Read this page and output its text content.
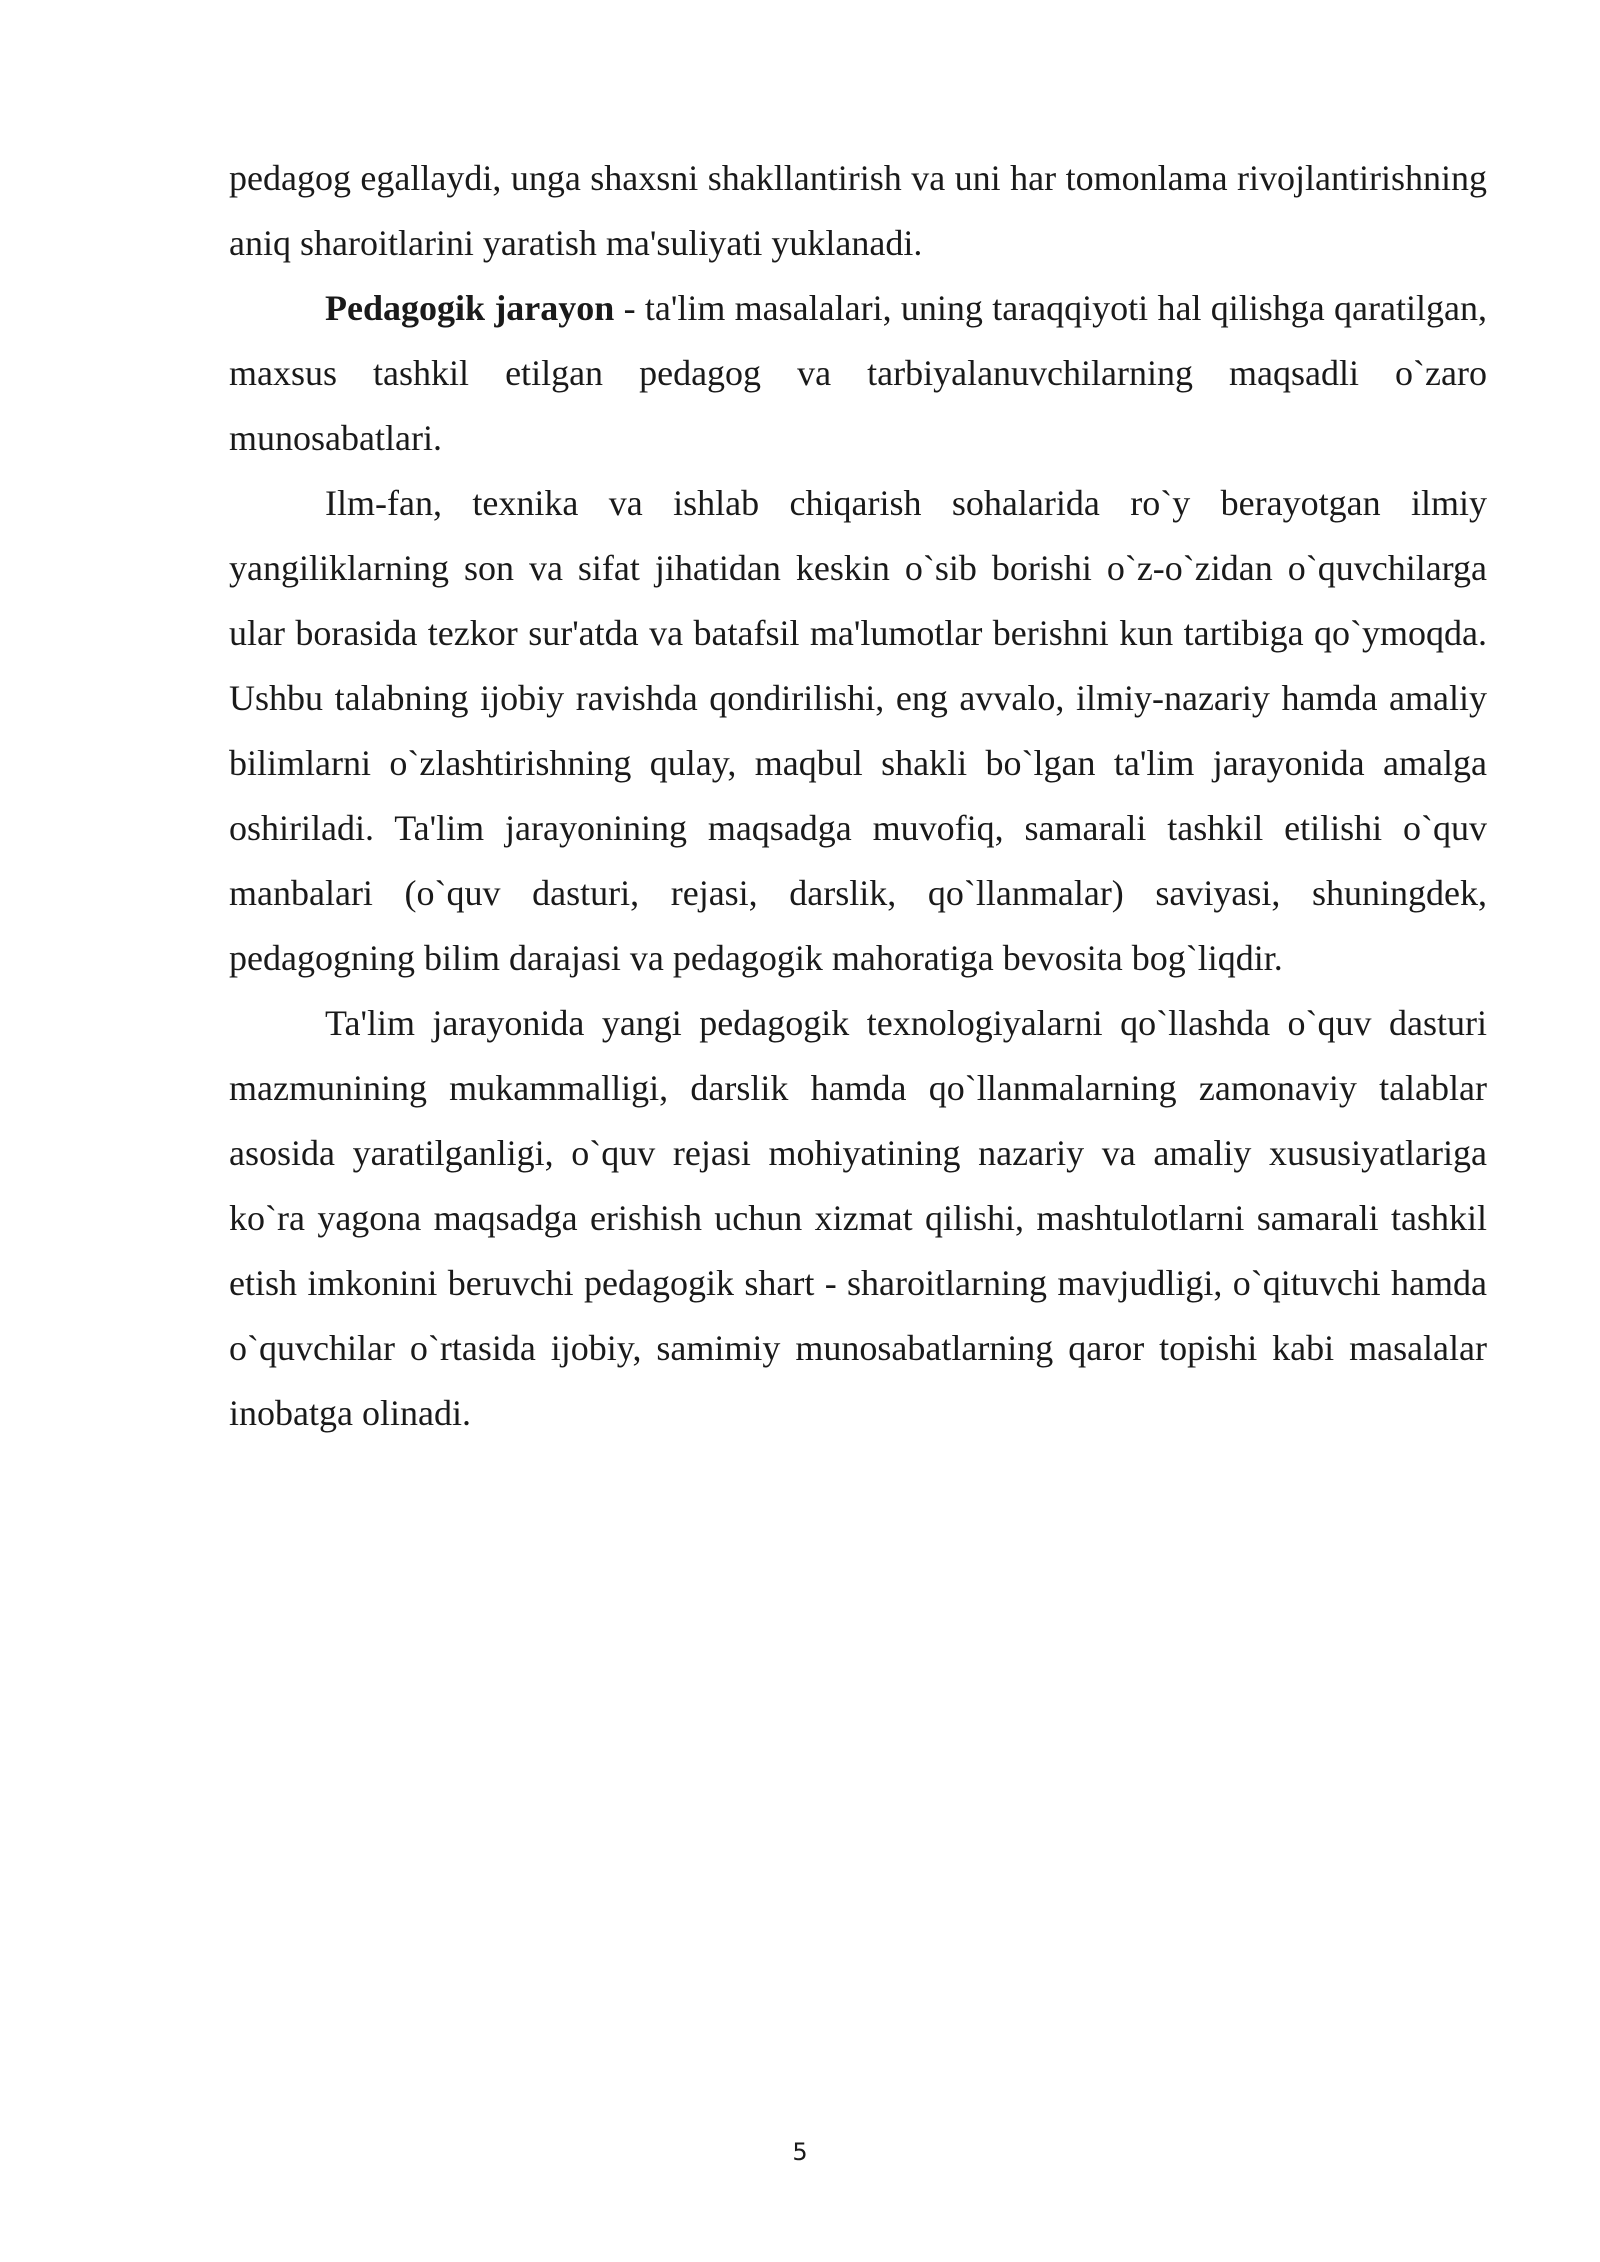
pedagog egallaydi, unga shaxsni shakllantirish va uni har tomonlama rivojlantirishning aniq sharoitlarini yaratish ma'suliyati yuklanadi.

Pedagogik jarayon - ta'lim masalalari, uning taraqqiyoti hal qilishga qaratilgan, maxsus tashkil etilgan pedagog va tarbiyalanuvchilarning maqsadli o`zaro munosabatlari.

Ilm-fan, texnika va ishlab chiqarish sohalarida ro`y berayotgan ilmiy yangiliklarning son va sifat jihatidan keskin o`sib borishi o`z-o`zidan o`quvchilarga ular borasida tezkor sur'atda va batafsil ma'lumotlar berishni kun tartibiga qo`ymoqda. Ushbu talabning ijobiy ravishda qondirilishi, eng avvalo, ilmiy-nazariy hamda amaliy bilimlarni o`zlashtirishning qulay, maqbul shakli bo`lgan ta'lim jarayonida amalga oshiriladi. Ta'lim jarayonining maqsadga muvofiq, samarali tashkil etilishi o`quv manbalari (o`quv dasturi, rejasi, darslik, qo`llanmalar) saviyasi, shuningdek, pedagogning bilim darajasi va pedagogik mahoratiga bevosita bog`liqdir.

Ta'lim jarayonida yangi pedagogik texnologiyalarni qo`llashda o`quv dasturi mazmunining mukammalligi, darslik hamda qo`llanmalarning zamonaviy talablar asosida yaratilganligi, o`quv rejasi mohiyatining nazariy va amaliy xususiyatlariga ko`ra yagona maqsadga erishish uchun xizmat qilishi, mashtulotlarni samarali tashkil etish imkonini beruvchi pedagogik shart - sharoitlarning mavjudligi, o`qituvchi hamda o`quvchilar o`rtasida ijobiy, samimiy munosabatlarning qaror topishi kabi masalalar inobatga olinadi.

5
